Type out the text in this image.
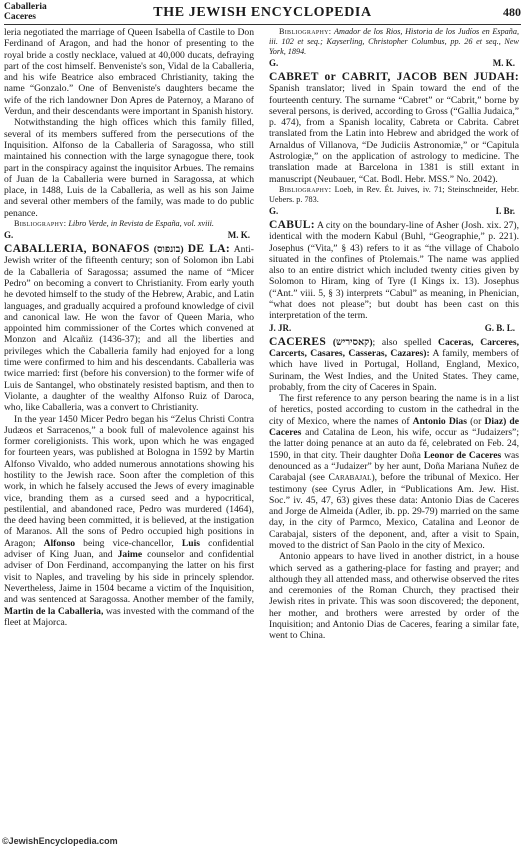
Caballeria
Caceres	THE JEWISH ENCYCLOPEDIA	480

leria negotiated the marriage of Queen Isabella of Castile to Don Ferdinand of Aragon, and had the honor of presenting to the royal bride a costly necklace, valued at 40,000 ducats, defraying part of the cost himself. Benveniste's son, Vidal de la Caballeria, and his wife Beatrice also embraced Christianity, taking the name “Gonzalo.” One of Benveniste's daughters became the wife of the rich landowner Don Apres de Paternoy, a Marano of Verdun, and their descendants were important in Spanish history.

Notwithstanding the high offices which this family filled, several of its members suffered from the persecutions of the Inquisition. Alfonso de la Caballeria of Saragossa, who still maintained his connection with the large synagogue there, took part in the conspiracy against the inquisitor Arbues. The remains of Juan de la Caballeria were burned in Saragossa, at which place, in 1488, Luis de la Caballeria, as well as his son Jaime and several other members of the family, was made to do public penance.

Bibliography: Libro Verde, in Revista de España, vol. xviii.

G.	M. K.

CABALLERIA, BONAFOS (בונפוס) DE LA: Anti-Jewish writer of the fifteenth century; son of Solomon ibn Labi de la Caballeria of Saragossa; assumed the name of “Micer Pedro” on becoming a convert to Christianity. From early youth he devoted himself to the study of the Hebrew, Arabic, and Latin languages, and gradually acquired a profound knowledge of civil and canonical law. He won the favor of Queen Maria, who appointed him commissioner of the Cortes which convened at Monzon and Alcañiz (1436-37); and all the liberties and privileges which the Caballeria family had enjoyed for a long time were confirmed to him and his descendants. Caballeria was twice married: first (before his conversion) to the former wife of Luis de Santangel, who obstinately resisted baptism, and then to Violante, a daughter of the wealthy Alfonso Ruiz of Daroca, who, like Caballeria, was a convert to Christianity.

In the year 1450 Micer Pedro began his “Zelus Christi Contra Judæos et Sarracenos,” a book full of malevolence against his former coreligionists. This work, upon which he was engaged for fourteen years, was published at Bologna in 1592 by Martin Alfonso Vivaldo, who added numerous annotations showing his hostility to the Jewish race. Soon after the completion of this work, in which he falsely accused the Jews of every imaginable vice, branding them as a cursed seed and a hypocritical, pestilential, and abandoned race, Pedro was murdered (1464), the deed having been committed, it is believed, at the instigation of Maranos. All the sons of Pedro occupied high positions in Aragon; Alfonso being vice-chancellor, Luis confidential adviser of King Juan, and Jaime counselor and confidential adviser of Don Ferdinand, accompanying the latter on his first visit to Naples, and traveling by his side in princely splendor. Nevertheless, Jaime in 1504 became a victim of the Inquisition, and was sentenced at Saragossa. Another member of the family, Martin de la Caballeria, was invested with the command of the fleet at Majorca.

Bibliography: Amador de los Rios, Historia de los Judíos en España, iii. 102 et seq.; Kayserling, Christopher Columbus, pp. 26 et seq., New York, 1894.

G.	M. K.

CABRET or CABRIT, JACOB BEN JUDAH: Spanish translator; lived in Spain toward the end of the fourteenth century. The surname “Cabret” or “Cabrit,” borne by several persons, is derived, according to Gross (“Gallia Judaica,” p. 474), from a Spanish locality, Cabreta or Cabrita. Cabret translated from the Latin into Hebrew and abridged the work of Arnaldus of Villanova, “De Judiciis Astronomiæ,” or “Capitula Astrologiæ,” on the application of astrology to medicine. The translation made at Barcelona in 1381 is still extant in manuscript (Neubauer, “Cat. Bodl. Hebr. MSS.” No. 2042).

Bibliography: Loeb, in Rev. Ét. Juives, iv. 71; Steinschneider, Hebr. Uebers. p. 783.

G.	I. Br.

CABUL: A city on the boundary-line of Asher (Josh. xix. 27), identical with the modern Kabul (Buhl, “Geographie,” p. 221). Josephus (“Vita,” § 43) refers to it as “the village of Chabolo situated in the confines of Ptolemais.” The name was applied also to an entire district which included twenty cities given by Solomon to Hiram, king of Tyre (I Kings ix. 13). Josephus (“Ant.” viii. 5, § 3) interprets “Cabul” as meaning, in Phenician, “what does not please”; but doubt has been cast on this interpretation of the term.

J. JR.	G. B. L.

CACERES (קאסיריש); also spelled Caceras, Carceres, Carcerts, Casares, Casseras, Cazares): A family, members of which have lived in Portugal, Holland, England, Mexico, Surinam, the West Indies, and the United States. They came, probably, from the city of Caceres in Spain.

The first reference to any person bearing the name is in a list of heretics, posted according to custom in the cathedral in the city of Mexico, where the names of Antonio Dias (or Diaz) de Caceres and Catalina de Leon, his wife, occur as “Judaizers”; the latter doing penance at an auto da fé, celebrated on Feb. 24, 1590, in that city. Their daughter Doña Leonor de Caceres was denounced as a “Judaizer” by her aunt, Doña Mariana Nuñez de Carabajal (see Carabajal), before the tribunal of Mexico. Her testimony (see Cyrus Adler, in “Publications Am. Jew. Hist. Soc.” iv. 45, 47, 63) gives these data: Antonio Dias de Caceres and Jorge de Almeida (Adler, ib. pp. 29-79) married on the same day, in the city of Parmco, Mexico, Catalina and Leonor de Carabajal, sisters of the deponent, and, after a visit to Spain, moved to the district of San Paolo in the city of Mexico.

Antonio appears to have lived in another district, in a house which served as a gathering-place for fasting and prayer; and although they all attended mass, and otherwise observed the rites and ceremonies of the Roman Church, they practised their Jewish rites in private. This was soon discovered; the deponent, her mother, and brothers were arrested by order of the Inquisition; and Antonio Dias de Caceres, fearing a similar fate, went to China.

©JewishEncyclopedia.com
